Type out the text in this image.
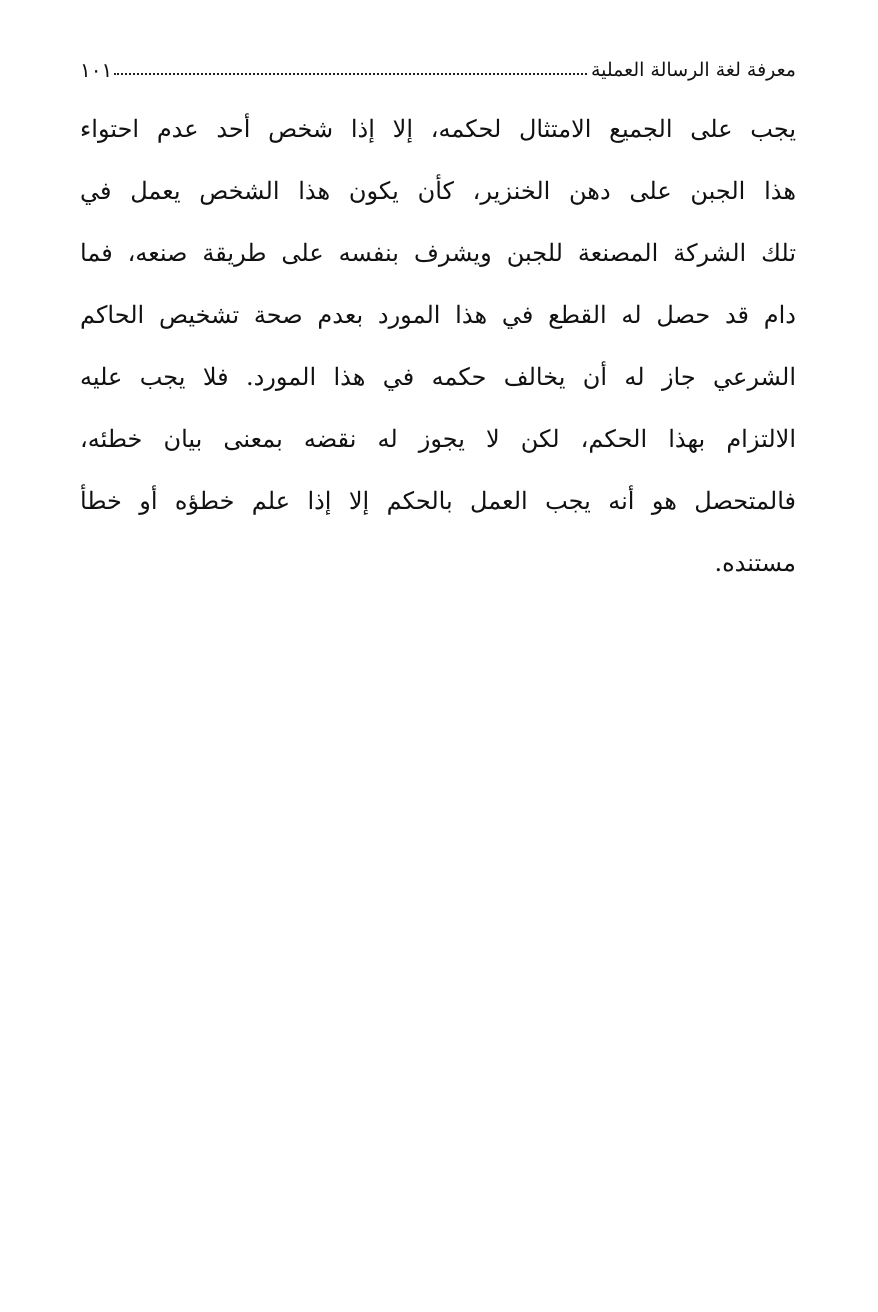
معرفة لغة الرسالة العملية
١٠١
يجب على الجميع الامتثال لحكمه، إلا إذا شخص أحد عدم احتواء
هذا الجبن على دهن الخنزير، كأن يكون هذا الشخص يعمل في
تلك الشركة المصنعة للجبن ويشرف بنفسه على طريقة صنعه، فما
دام قد حصل له القطع في هذا المورد بعدم صحة تشخيص الحاكم
الشرعي جاز له أن يخالف حكمه في هذا المورد. فلا يجب عليه
الالتزام بهذا الحكم، لكن لا يجوز له نقضه بمعنى بيان خطئه،
فالمتحصل هو أنه يجب العمل بالحكم إلا إذا علم خطؤه أو خطأ
مستنده.
